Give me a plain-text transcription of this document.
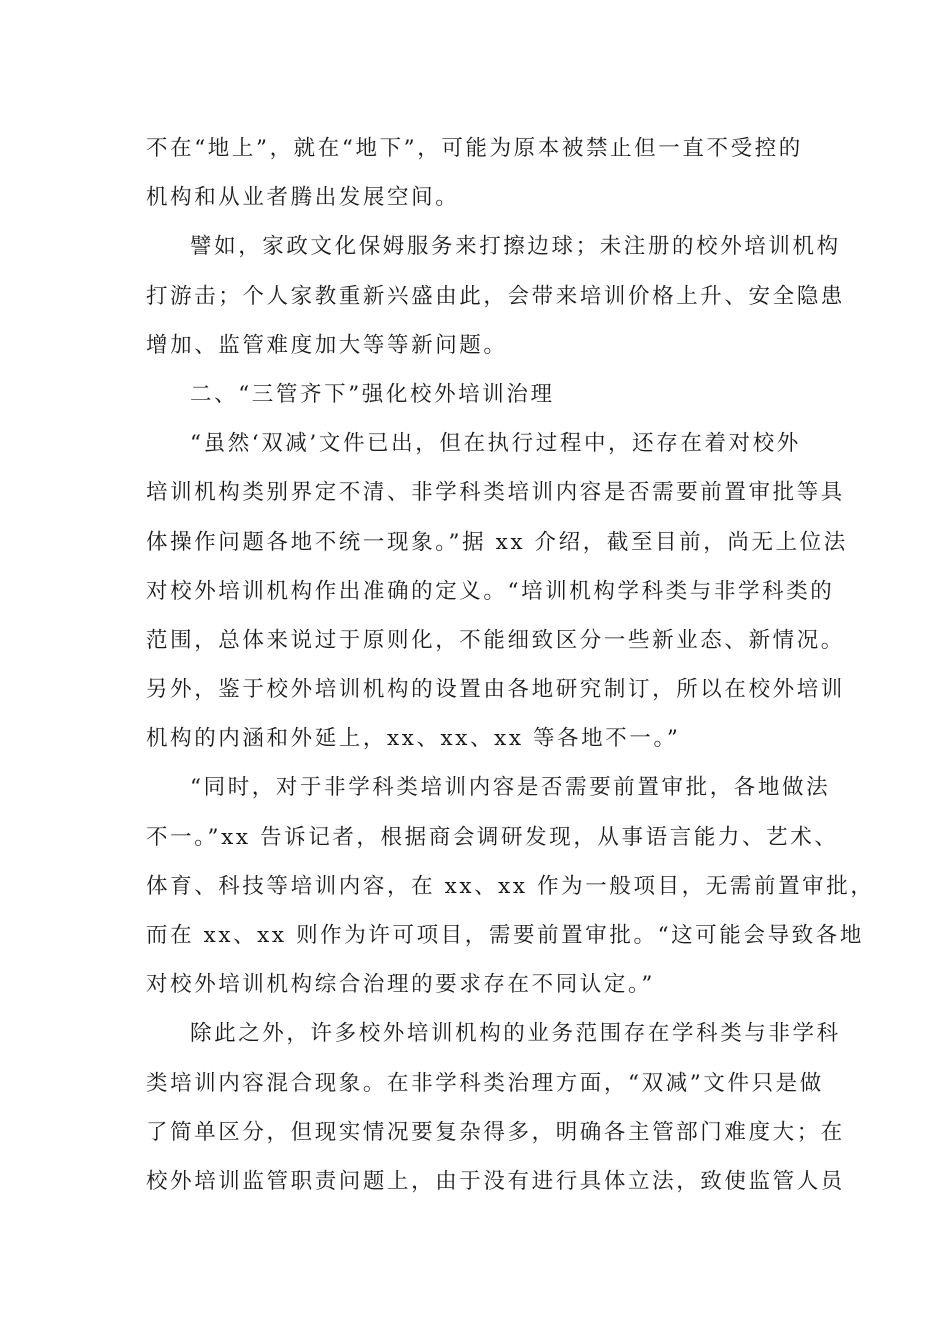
不在“地上”，就在“地下”，可能为原本被禁止但一直不受控的
机构和从业者腾出发展空间。
譬如，家政文化保姆服务来打擦边球；未注册的校外培训机构
打游击；个人家教重新兴盛由此，会带来培训价格上升、安全隐患
增加、监管难度加大等等新问题。
二、“三管齐下”强化校外培训治理
“虽然‘双减’文件已出，但在执行过程中，还存在着对校外
培训机构类别界定不清、非学科类培训内容是否需要前置审批等具
体操作问题各地不统一现象。”据 xx 介绍，截至目前，尚无上位法
对校外培训机构作出准确的定义。“培训机构学科类与非学科类的
范围，总体来说过于原则化，不能细致区分一些新业态、新情况。
另外，鉴于校外培训机构的设置由各地研究制订，所以在校外培训
机构的内涵和外延上，xx、xx、xx 等各地不一。”
“同时，对于非学科类培训内容是否需要前置审批，各地做法
不一。”xx 告诉记者，根据商会调研发现，从事语言能力、艺术、
体育、科技等培训内容，在 xx、xx 作为一般项目，无需前置审批，
而在 xx、xx 则作为许可项目，需要前置审批。“这可能会导致各地
对校外培训机构综合治理的要求存在不同认定。”
除此之外，许多校外培训机构的业务范围存在学科类与非学科
类培训内容混合现象。在非学科类治理方面，“双减”文件只是做
了简单区分，但现实情况要复杂得多，明确各主管部门难度大；在
校外培训监管职责问题上，由于没有进行具体立法，致使监管人员
